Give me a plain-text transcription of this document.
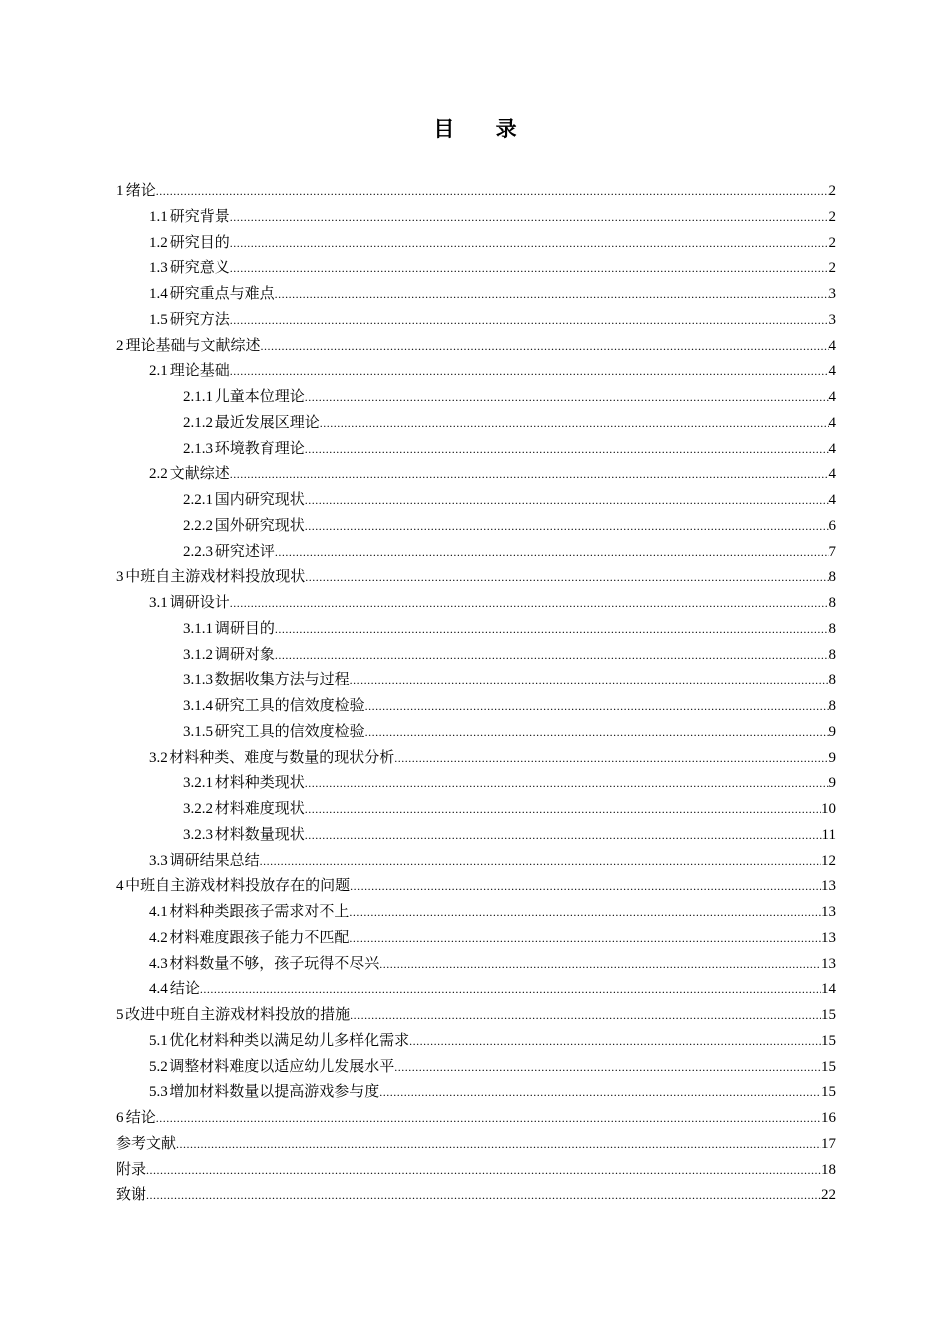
目 录
1 绪论 .....	2
1.1 研究背景 .....	2
1.2 研究目的 .....	2
1.3 研究意义 .....	2
1.4 研究重点与难点 .....	3
1.5 研究方法 .....	3
2 理论基础与文献综述 .....	4
2.1 理论基础 .....	4
2.1.1 儿童本位理论 .....	4
2.1.2 最近发展区理论 .....	4
2.1.3 环境教育理论 .....	4
2.2 文献综述 .....	4
2.2.1 国内研究现状 .....	4
2.2.2 国外研究现状 .....	6
2.2.3 研究述评 .....	7
3 中班自主游戏材料投放现状 .....	8
3.1 调研设计 .....	8
3.1.1 调研目的 .....	8
3.1.2 调研对象 .....	8
3.1.3 数据收集方法与过程 .....	8
3.1.4 研究工具的信效度检验 .....	8
3.1.5 研究工具的信效度检验 .....	9
3.2 材料种类、难度与数量的现状分析 .....	9
3.2.1 材料种类现状 .....	9
3.2.2 材料难度现状 .....	10
3.2.3 材料数量现状 .....	11
3.3 调研结果总结 .....	12
4 中班自主游戏材料投放存在的问题 .....	13
4.1 材料种类跟孩子需求对不上 .....	13
4.2 材料难度跟孩子能力不匹配 .....	13
4.3 材料数量不够，孩子玩得不尽兴 .....	13
4.4 结论 .....	14
5 改进中班自主游戏材料投放的措施 .....	15
5.1 优化材料种类以满足幼儿多样化需求 .....	15
5.2 调整材料难度以适应幼儿发展水平 .....	15
5.3 增加材料数量以提高游戏参与度 .....	15
6 结论 .....	16
参考文献 .....	17
附录 .....	18
致谢 .....	22
